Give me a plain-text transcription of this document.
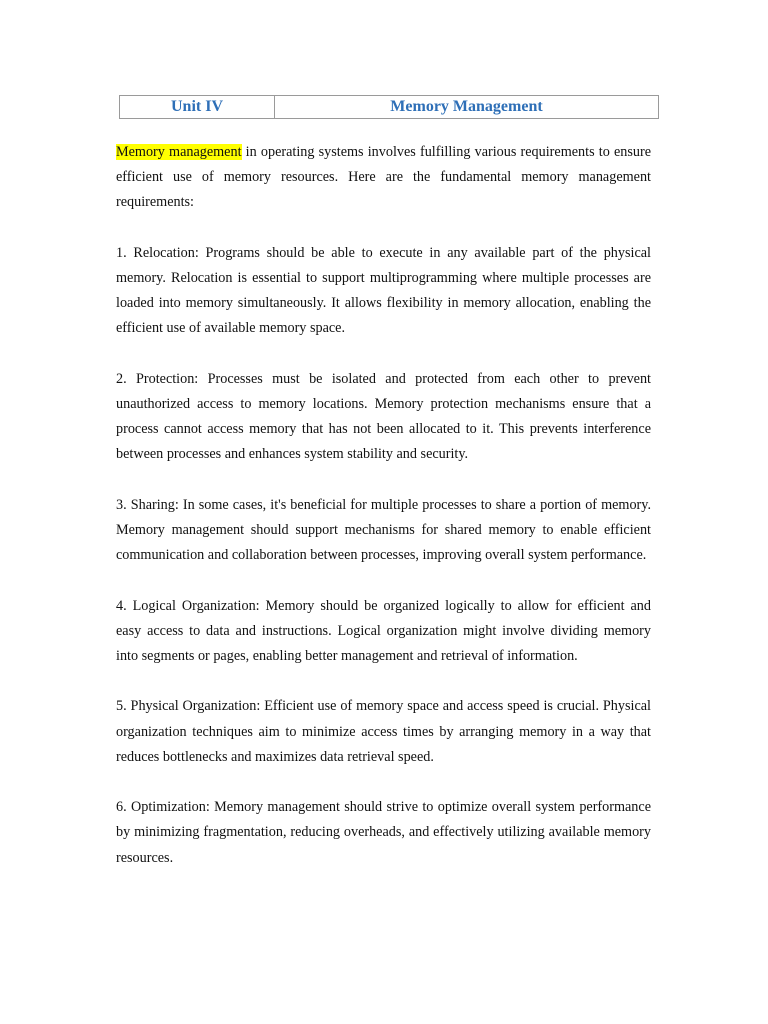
Unit IV	Memory Management

Memory management in operating systems involves fulfilling various requirements to ensure efficient use of memory resources. Here are the fundamental memory management requirements:

1. Relocation: Programs should be able to execute in any available part of the physical memory. Relocation is essential to support multiprogramming where multiple processes are loaded into memory simultaneously. It allows flexibility in memory allocation, enabling the efficient use of available memory space.

2. Protection: Processes must be isolated and protected from each other to prevent unauthorized access to memory locations. Memory protection mechanisms ensure that a process cannot access memory that has not been allocated to it. This prevents interference between processes and enhances system stability and security.

3. Sharing: In some cases, it's beneficial for multiple processes to share a portion of memory. Memory management should support mechanisms for shared memory to enable efficient communication and collaboration between processes, improving overall system performance.

4. Logical Organization: Memory should be organized logically to allow for efficient and easy access to data and instructions. Logical organization might involve dividing memory into segments or pages, enabling better management and retrieval of information.

5. Physical Organization: Efficient use of memory space and access speed is crucial. Physical organization techniques aim to minimize access times by arranging memory in a way that reduces bottlenecks and maximizes data retrieval speed.

6. Optimization: Memory management should strive to optimize overall system performance by minimizing fragmentation, reducing overheads, and effectively utilizing available memory resources.
